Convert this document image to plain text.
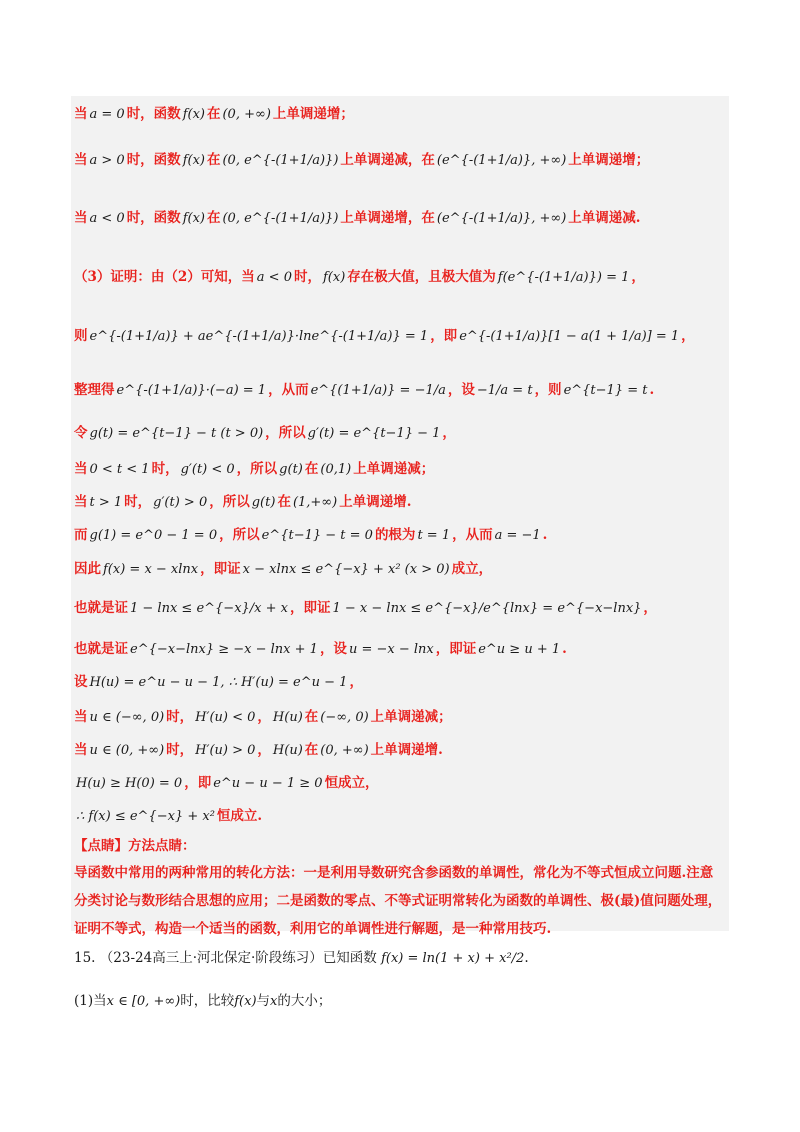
当 a = 0 时，函数 f(x) 在 (0, +∞) 上单调递增；
当 a > 0 时，函数 f(x) 在 (0, e^{-(1+1/a)}) 上单调递减，在 (e^{-(1+1/a)}, +∞) 上单调递增；
当 a < 0 时，函数 f(x) 在 (0, e^{-(1+1/a)}) 上单调递增，在 (e^{-(1+1/a)}, +∞) 上单调递减.
（3）证明：由（2）可知，当 a < 0 时， f(x) 存在极大值，且极大值为 f(e^{-(1+1/a)}) = 1 ，
则 e^{-(1+1/a)} + ae^{-(1+1/a)}·lne^{-(1+1/a)} = 1 ，即 e^{-(1+1/a)}[1 − a(1 + 1/a)] = 1 ，
整理得 e^{-(1+1/a)}·(−a) = 1 ，从而 e^{(1+1/a)} = −1/a ，设 −1/a = t ，则 e^{t−1} = t .
令 g(t) = e^{t−1} − t (t > 0) ，所以 g′(t) = e^{t−1} − 1 ，
当 0 < t < 1 时， g′(t) < 0 ，所以 g(t) 在 (0,1) 上单调递减；
当 t > 1 时， g′(t) > 0 ，所以 g(t) 在 (1,+∞) 上单调递增.
而 g(1) = e^0 − 1 = 0 ，所以 e^{t−1} − t = 0 的根为 t = 1 ，从而 a = −1 .
因此 f(x) = x − xlnx ，即证 x − xlnx ≤ e^{−x} + x² (x > 0) 成立，
也就是证 1 − lnx ≤ e^{−x}/x + x ，即证 1 − x − lnx ≤ e^{−x}/e^{lnx} = e^{−x−lnx} ，
也就是证 e^{−x−lnx} ≥ −x − lnx + 1 ，设 u = −x − lnx ，即证 e^u ≥ u + 1 .
设 H(u) = e^u − u − 1, ∴ H′(u) = e^u − 1 ，
当 u ∈ (−∞, 0) 时， H′(u) < 0 ， H(u) 在 (−∞, 0) 上单调递减；
当 u ∈ (0, +∞) 时， H′(u) > 0 ， H(u) 在 (0, +∞) 上单调递增.
H(u) ≥ H(0) = 0 ，即 e^u − u − 1 ≥ 0 恒成立，
∴ f(x) ≤ e^{−x} + x² 恒成立.
【点睛】方法点睛：
导函数中常用的两种常用的转化方法：一是利用导数研究含参函数的单调性，常化为不等式恒成立问题.注意分类讨论与数形结合思想的应用；二是函数的零点、不等式证明常转化为函数的单调性、极(最)值问题处理，证明不等式，构造一个适当的函数，利用它的单调性进行解题，是一种常用技巧.
15. （23-24高三上·河北保定·阶段练习）已知函数 f(x) = ln(1 + x) + x²/2.
(1)当x ∈ [0, +∞)时，比较f(x)与x的大小；
